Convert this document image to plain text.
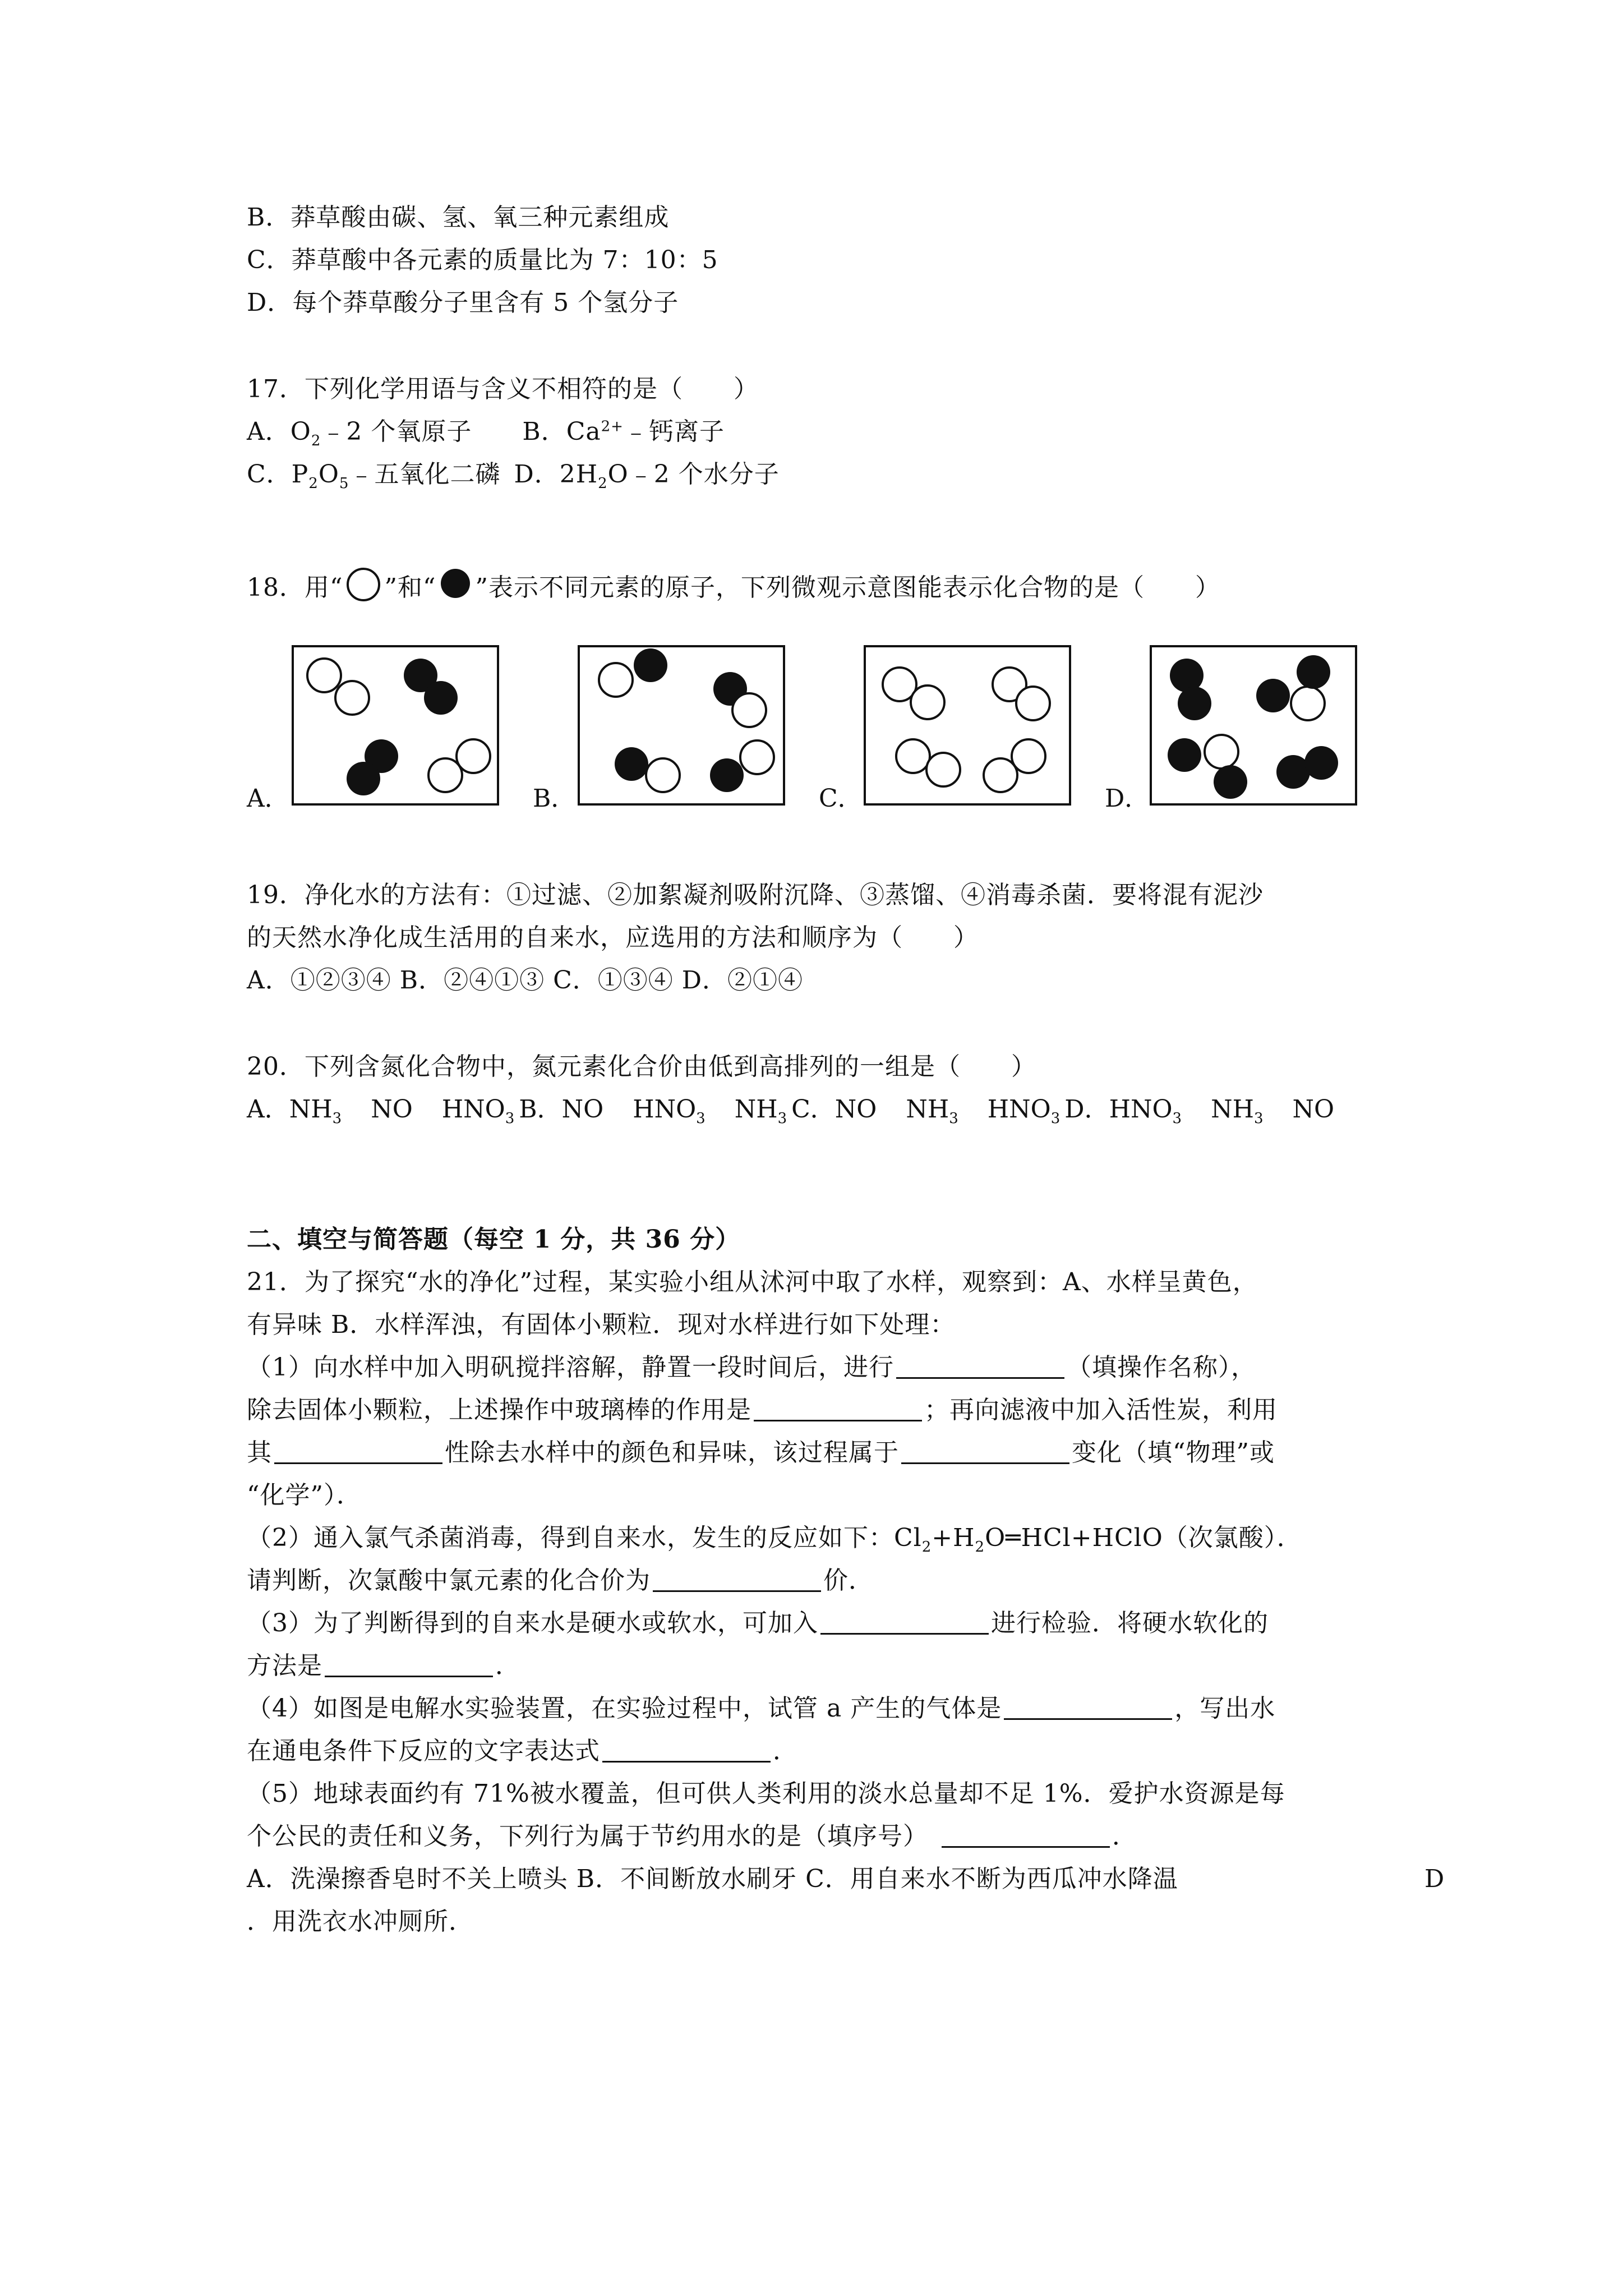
B．莽草酸由碳、氢、氧三种元素组成
C．莽草酸中各元素的质量比为 7：10：5
D．每个莽草酸分子里含有 5 个氢分子
17．下列化学用语与含义不相符的是（　　）
A．$O_2﹣2$ 个氧原子 B．$Ca^{2+}﹣$钙离子
C．$P_2O_5﹣$五氧化二磷 D．$2H_2O﹣2$ 个水分子
18．用“ ”和“ ”表示不同元素的原子，下列微观示意图能表示化合物的是（　　）
A．	B．	C．	D．
19．净化水的方法有：①过滤、②加絮凝剂吸附沉降、③蒸馏、④消毒杀菌．要将混有泥沙
的天然水净化成生活用的自来水，应选用的方法和顺序为（　　）
A．①②③④ B．②④①③ C．①③④ D．②①④
20．下列含氮化合物中，氮元素化合价由低到高排列的一组是（　　）
A．$NH_3$ NO $HNO_3$ B．NO $HNO_3$ $NH_3$ C．NO $NH_3$ $HNO_3$ D．$HNO_3$ $NH_3$ NO
二、填空与简答题（每空 1 分，共 36 分）
21．为了探究“水的净化”过程，某实验小组从沭河中取了水样，观察到：A、水样呈黄色，
有异味 B．水样浑浊，有固体小颗粒．现对水样进行如下处理：
（1）向水样中加入明矾搅拌溶解，静置一段时间后，进行	（填操作名称），
除去固体小颗粒，上述操作中玻璃棒的作用是	；再向滤液中加入活性炭，利用
其	性除去水样中的颜色和异味，该过程属于	变化（填“物理”或
“化学”）．
（2）通入氯气杀菌消毒，得到自来水，发生的反应如下：$Cl_2+H_2O═HCl+HClO$（次氯酸）．
请判断，次氯酸中氯元素的化合价为	价．
（3）为了判断得到的自来水是硬水或软水，可加入	进行检验．将硬水软化的
方法是	．
（4）如图是电解水实验装置，在实验过程中，试管 a 产生的气体是	，写出水
在通电条件下反应的文字表达式	．
（5）地球表面约有 71%被水覆盖，但可供人类利用的淡水总量却不足 1%．爱护水资源是每
个公民的责任和义务，下列行为属于节约用水的是（填序号）	．
A．洗澡擦香皂时不关上喷头 B．不间断放水刷牙 C．用自来水不断为西瓜冲水降温	D
．用洗衣水冲厕所．
